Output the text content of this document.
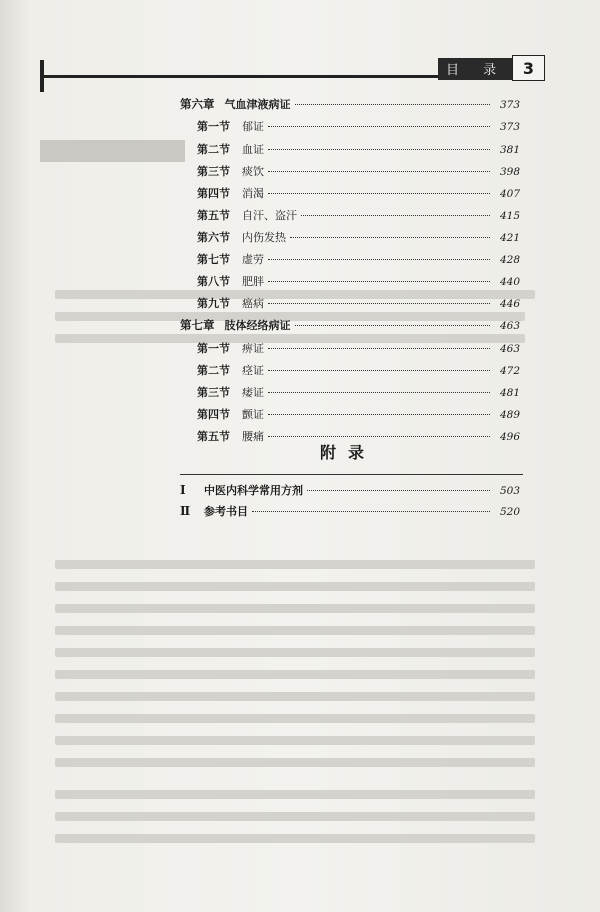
目 录	3
第六章 气血津液病证	373
第一节 郁证	373
第二节 血证	381
第三节 痰饮	398
第四节 消渴	407
第五节 自汗、盗汗	415
第六节 内伤发热	421
第七节 虚劳	428
第八节 肥胖	440
第九节 癌病	446
第七章 肢体经络病证	463
第一节 痹证	463
第二节 痉证	472
第三节 痿证	481
第四节 颤证	489
第五节 腰痛	496
附录
Ⅰ	中医内科学常用方剂	503
Ⅱ	参考书目	520
